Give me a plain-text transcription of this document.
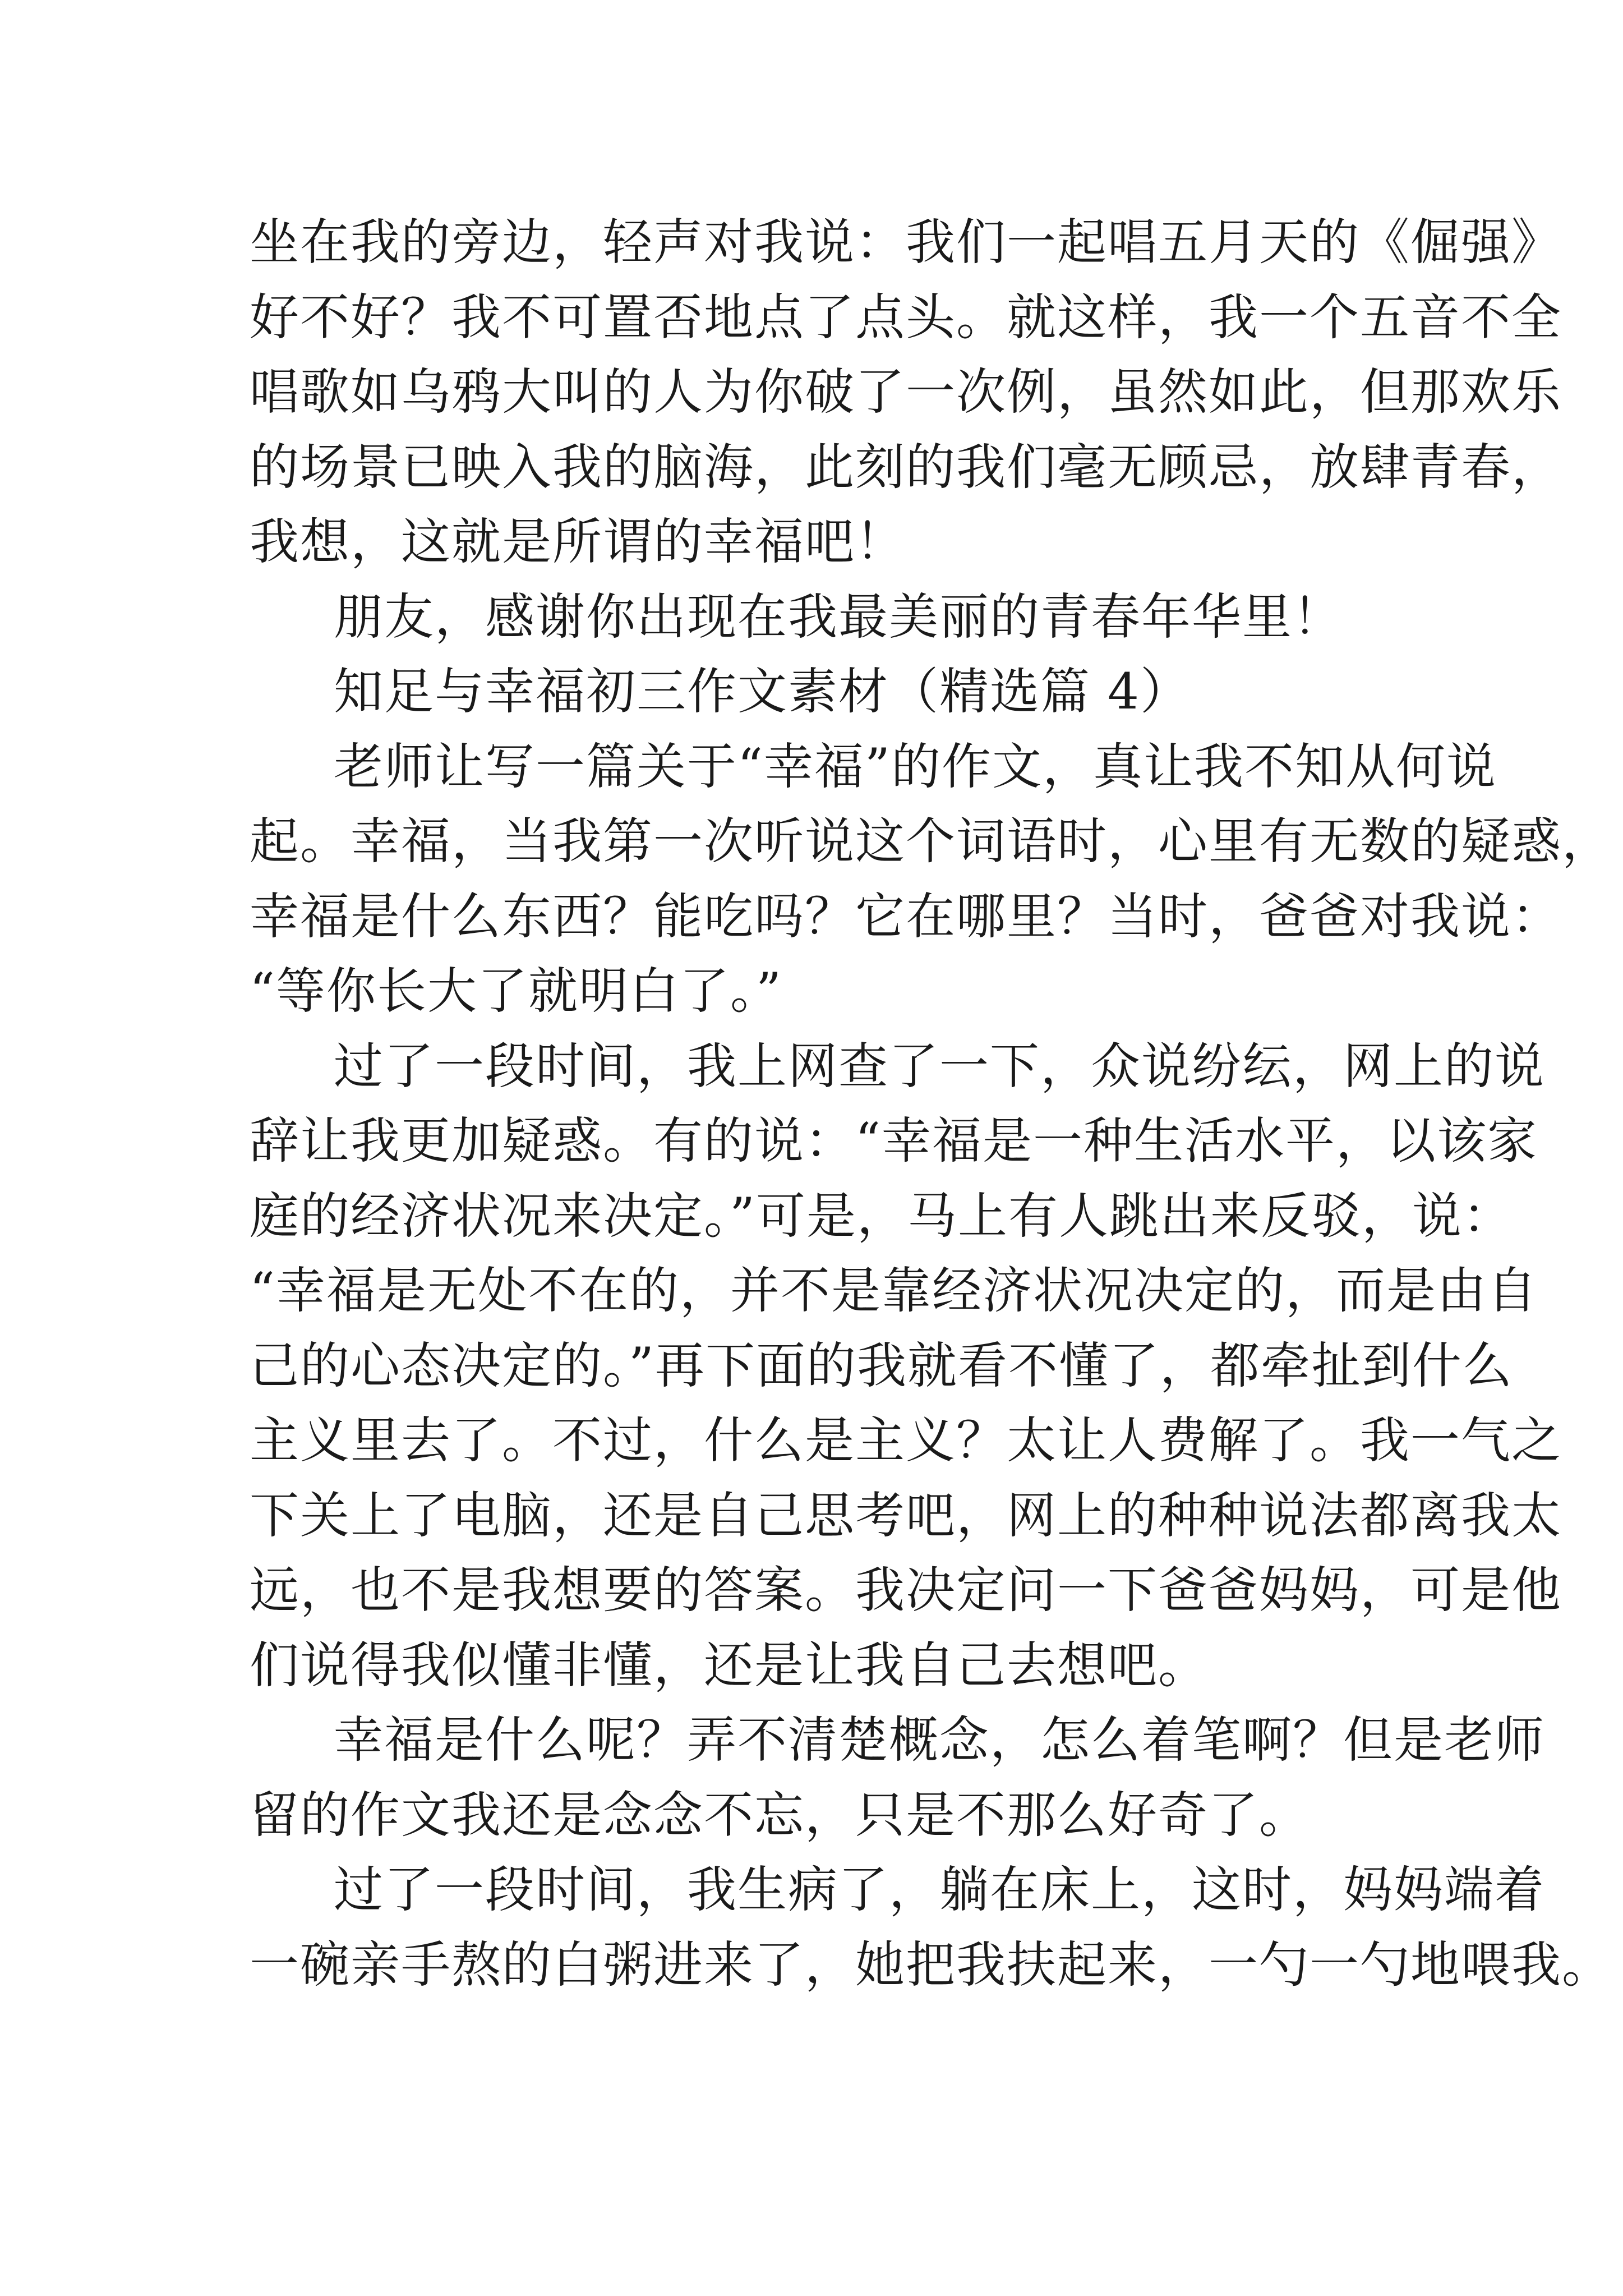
坐在我的旁边，轻声对我说：我们一起唱五月天的《倔强》
好不好？我不可置否地点了点头。就这样，我一个五音不全
唱歌如乌鸦大叫的人为你破了一次例，虽然如此，但那欢乐
的场景已映入我的脑海，此刻的我们毫无顾忌，放肆青春，
我想，这就是所谓的幸福吧！
朋友，感谢你出现在我最美丽的青春年华里！
知足与幸福初三作文素材（精选篇 4）
老师让写一篇关于“幸福”的作文，真让我不知从何说
起。幸福，当我第一次听说这个词语时，心里有无数的疑惑，
幸福是什么东西？能吃吗？它在哪里？当时，爸爸对我说：
“等你长大了就明白了。”
过了一段时间，我上网查了一下，众说纷纭，网上的说
辞让我更加疑惑。有的说：“幸福是一种生活水平，以该家
庭的经济状况来决定。”可是，马上有人跳出来反驳，说：
“幸福是无处不在的，并不是靠经济状况决定的，而是由自
己的心态决定的。”再下面的我就看不懂了，都牵扯到什么
主义里去了。不过，什么是主义？太让人费解了。我一气之
下关上了电脑，还是自己思考吧，网上的种种说法都离我太
远，也不是我想要的答案。我决定问一下爸爸妈妈，可是他
们说得我似懂非懂，还是让我自己去想吧。
幸福是什么呢？弄不清楚概念，怎么着笔啊？但是老师
留的作文我还是念念不忘，只是不那么好奇了。
过了一段时间，我生病了，躺在床上，这时，妈妈端着
一碗亲手熬的白粥进来了，她把我扶起来，一勺一勺地喂我。
